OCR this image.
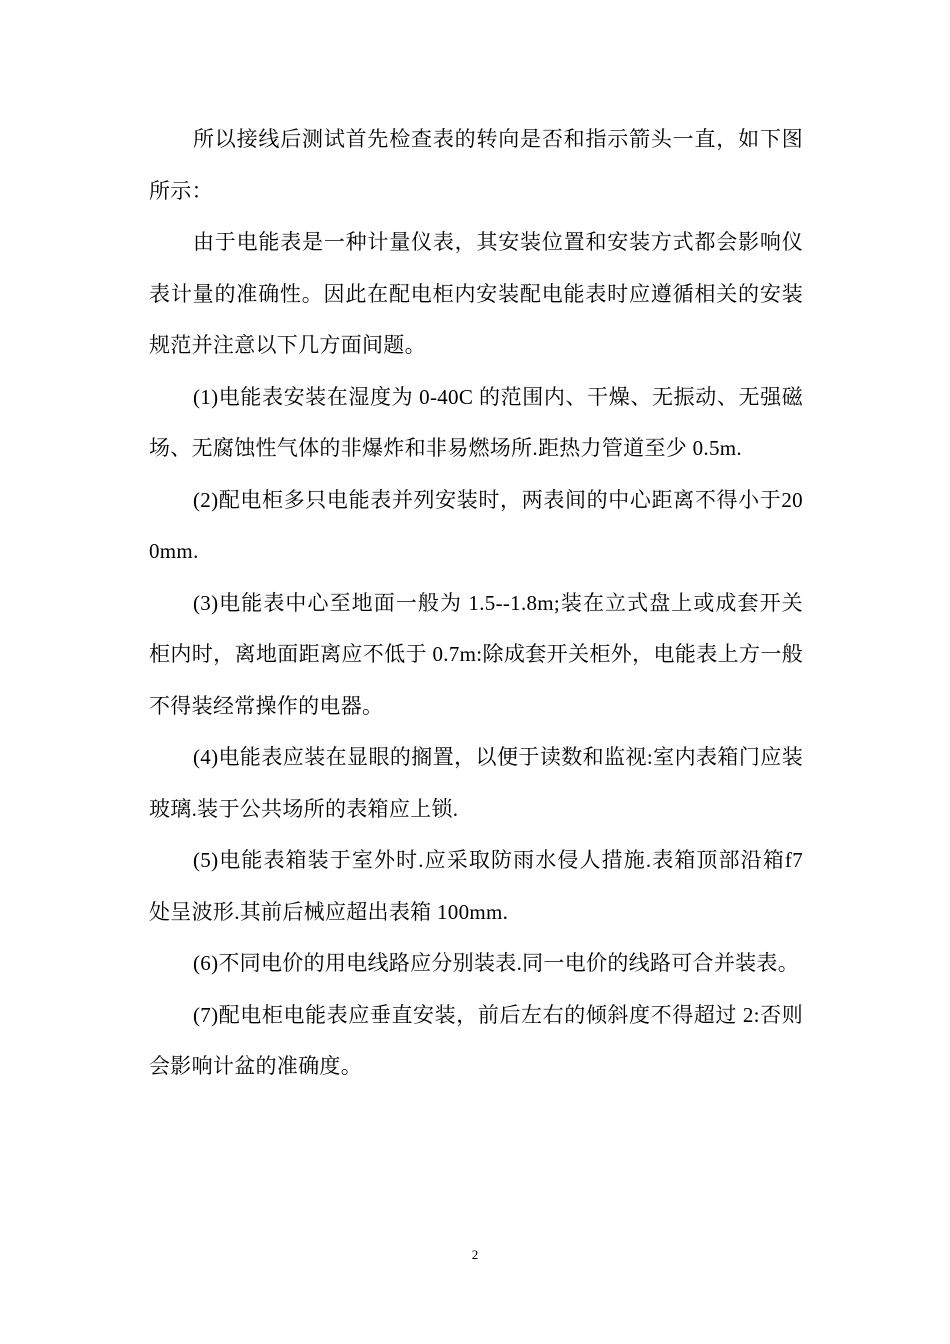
所以接线后测试首先检查表的转向是否和指示箭头一直，如下图所示：

由于电能表是一种计量仪表，其安装位置和安装方式都会影响仪表计量的准确性。因此在配电柜内安装配电能表时应遵循相关的安装规范并注意以下几方面间题。

(1)电能表安装在湿度为 0-40C 的范围内、干燥、无振动、无强磁场、无腐蚀性气体的非爆炸和非易燃场所.距热力管道至少 0.5m.

(2)配电柜多只电能表并列安装时，两表间的中心距离不得小于200mm.

(3)电能表中心至地面一般为 1.5--1.8m;装在立式盘上或成套开关柜内时，离地面距离应不低于 0.7m:除成套开关柜外，电能表上方一般不得装经常操作的电器。

(4)电能表应装在显眼的搁置，以便于读数和监视:室内表箱门应装玻璃.装于公共场所的表箱应上锁.

(5)电能表箱装于室外时.应采取防雨水侵人措施.表箱顶部沿箱f7 处呈波形.其前后械应超出表箱 100mm.

(6)不同电价的用电线路应分别装表.同一电价的线路可合并装表。

(7)配电柜电能表应垂直安装，前后左右的倾斜度不得超过 2:否则会影响计盆的准确度。

2
